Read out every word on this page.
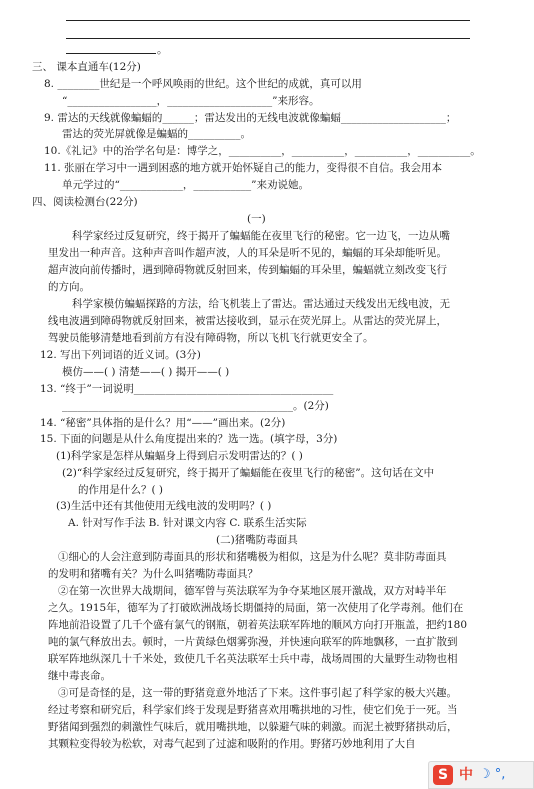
。
三、 课本直通车(12分)
8. ________世纪是一个呼风唤雨的世纪。这个世纪的成就，真可以用
“_________________，____________________”来形容。
9. 雷达的天线就像蝙蝠的______；雷达发出的无线电波就像蝙蝠____________________；
雷达的荧光屏就像是蝙蝠的__________。
10.《礼记》中的治学名句是：博学之，__________，__________，__________，__________。
11. 张丽在学习中一遇到困惑的地方就开始怀疑自己的能力，变得很不自信。我会用本
单元学过的“____________，___________”来劝说她。
四、阅读检测台(22分)
(一)
科学家经过反复研究，终于揭开了蝙蝠能在夜里飞行的秘密。它一边飞，一边从嘴
里发出一种声音。这种声音叫作超声波，人的耳朵是听不见的，蝙蝠的耳朵却能听见。
超声波向前传播时，遇到障碍物就反射回来，传到蝙蝠的耳朵里，蝙蝠就立刻改变飞行
的方向。
科学家模仿蝙蝠探路的方法，给飞机装上了雷达。雷达通过天线发出无线电波，无
线电波遇到障碍物就反射回来，被雷达接收到，显示在荧光屏上。从雷达的荧光屏上，
驾驶员能够清楚地看到前方有没有障碍物，所以飞机飞行就更安全了。
12. 写出下列词语的近义词。(3分)
模仿——( ) 清楚——( ) 揭开——( )
13. “终于”一词说明______________________________________
____________________________________________。(2分)
14. “秘密”具体指的是什么？用“——”画出来。(2分)
15. 下面的问题是从什么角度提出来的？选一选。(填字母，3分)
(1)科学家是怎样从蝙蝠身上得到启示发明雷达的？( )
(2)“科学家经过反复研究，终于揭开了蝙蝠能在夜里飞行的秘密”。这句话在文中
的作用是什么？( )
(3)生活中还有其他使用无线电波的发明吗？( )
A. 针对写作手法 B. 针对课文内容 C. 联系生活实际
(二)猪嘴防毒面具
①细心的人会注意到防毒面具的形状和猪嘴极为相似，这是为什么呢？莫非防毒面具
的发明和猪嘴有关？为什么叫猪嘴防毒面具？
②在第一次世界大战期间，德军曾与英法联军为争夺某地区展开激战，双方对峙半年
之久。1915年，德军为了打破欧洲战场长期僵持的局面，第一次使用了化学毒剂。他们在
阵地前沿设置了几千个盛有氯气的钢瓶，朝着英法联军阵地的顺风方向打开瓶盖，把约180
吨的氯气释放出去。顿时，一片黄绿色烟雾弥漫，并快速向联军的阵地飘移，一直扩散到
联军阵地纵深几十千米处，致使几千名英法联军士兵中毒，战场周围的大量野生动物也相
继中毒丧命。
③可是奇怪的是，这一带的野猪竟意外地活了下来。这件事引起了科学家的极大兴趣。
经过考察和研究后，科学家们终于发现是野猪喜欢用嘴拱地的习性，使它们免于一死。当
野猪闻到强烈的刺激性气味后，就用嘴拱地，以躲避气味的刺激。而泥土被野猪拱动后，
其颗粒变得较为松软，对毒气起到了过滤和吸附的作用。野猪巧妙地利用了大自
S 中 ☽ °,
